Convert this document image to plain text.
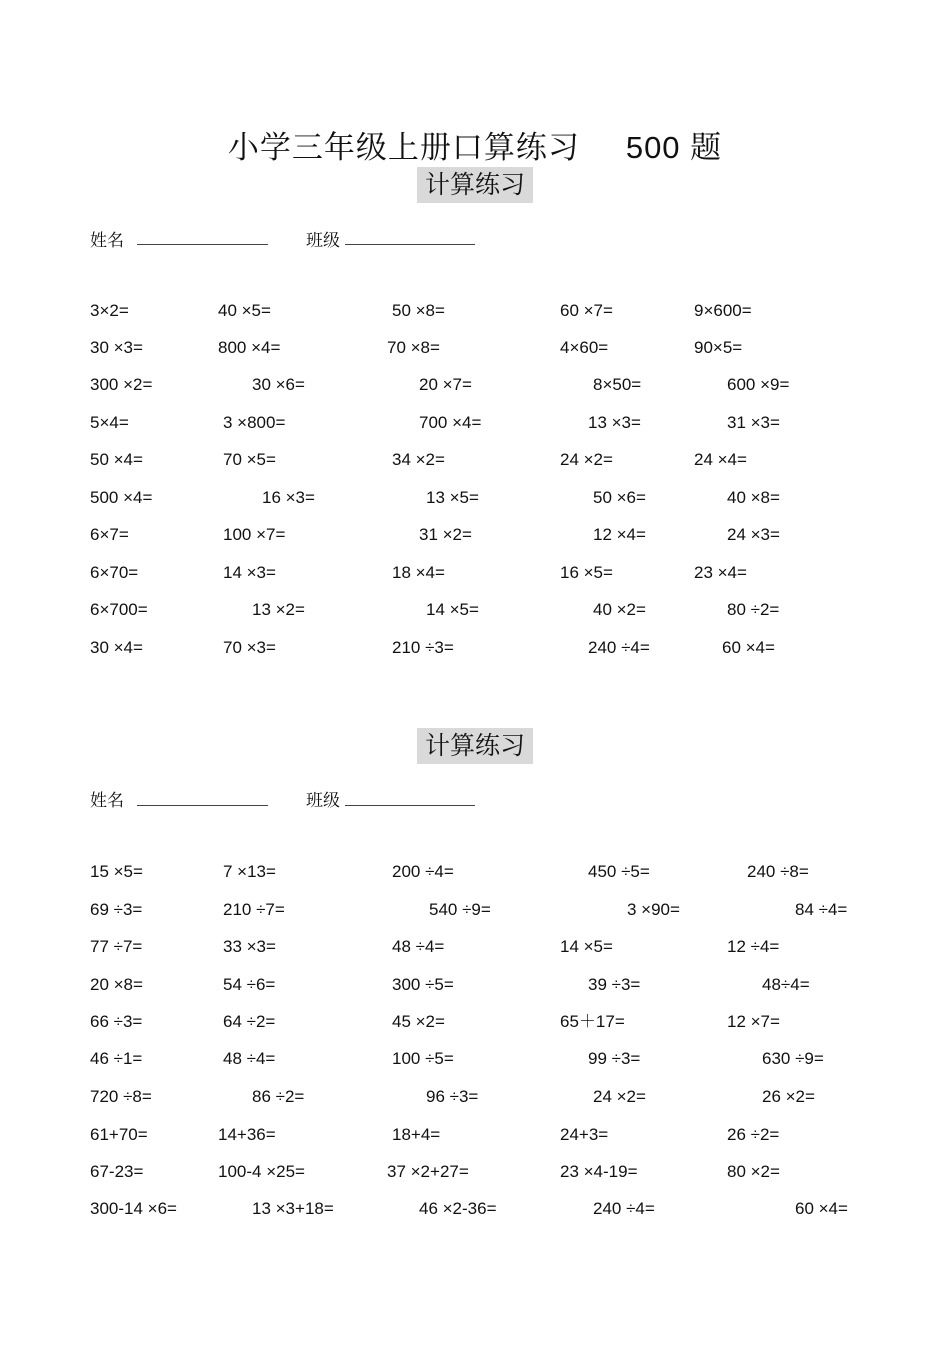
小学三年级上册口算练习 500 题
计算练习
姓名	班级
3×2=	40 ×5=	50 ×8=	60 ×7=	9×600=
30 ×3=	800 ×4=	70 ×8=	4×60=	90×5=
300 ×2=	30 ×6=	20 ×7=	8×50=	600 ×9=
5×4=	3 ×800=	700 ×4=	13 ×3=	31 ×3=
50 ×4=	70 ×5=	34 ×2=	24 ×2=	24 ×4=
500 ×4=	16 ×3=	13 ×5=	50 ×6=	40 ×8=
6×7=	100 ×7=	31 ×2=	12 ×4=	24 ×3=
6×70=	14 ×3=	18 ×4=	16 ×5=	23 ×4=
6×700=	13 ×2=	14 ×5=	40 ×2=	80 ÷2=
30 ×4=	70 ×3=	210 ÷3=	240 ÷4=	60 ×4=
计算练习
姓名	班级
15 ×5=	7 ×13=	200 ÷4=	450 ÷5=	240 ÷8=
69 ÷3=	210 ÷7=	540 ÷9=	3 ×90=	84 ÷4=
77 ÷7=	33 ×3=	48 ÷4=	14 ×5=	12 ÷4=
20 ×8=	54 ÷6=	300 ÷5=	39 ÷3=	48÷4=
66 ÷3=	64 ÷2=	45 ×2=	65＋17=	12 ×7=
46 ÷1=	48 ÷4=	100 ÷5=	99 ÷3=	630 ÷9=
720 ÷8=	86 ÷2=	96 ÷3=	24 ×2=	26 ×2=
61+70=	14+36=	18+4=	24+3=	26 ÷2=
67-23=	100-4 ×25=	37 ×2+27=	23 ×4-19=	80 ×2=
300-14 ×6=	13 ×3+18=	46 ×2-36=	240 ÷4=	60 ×4=
